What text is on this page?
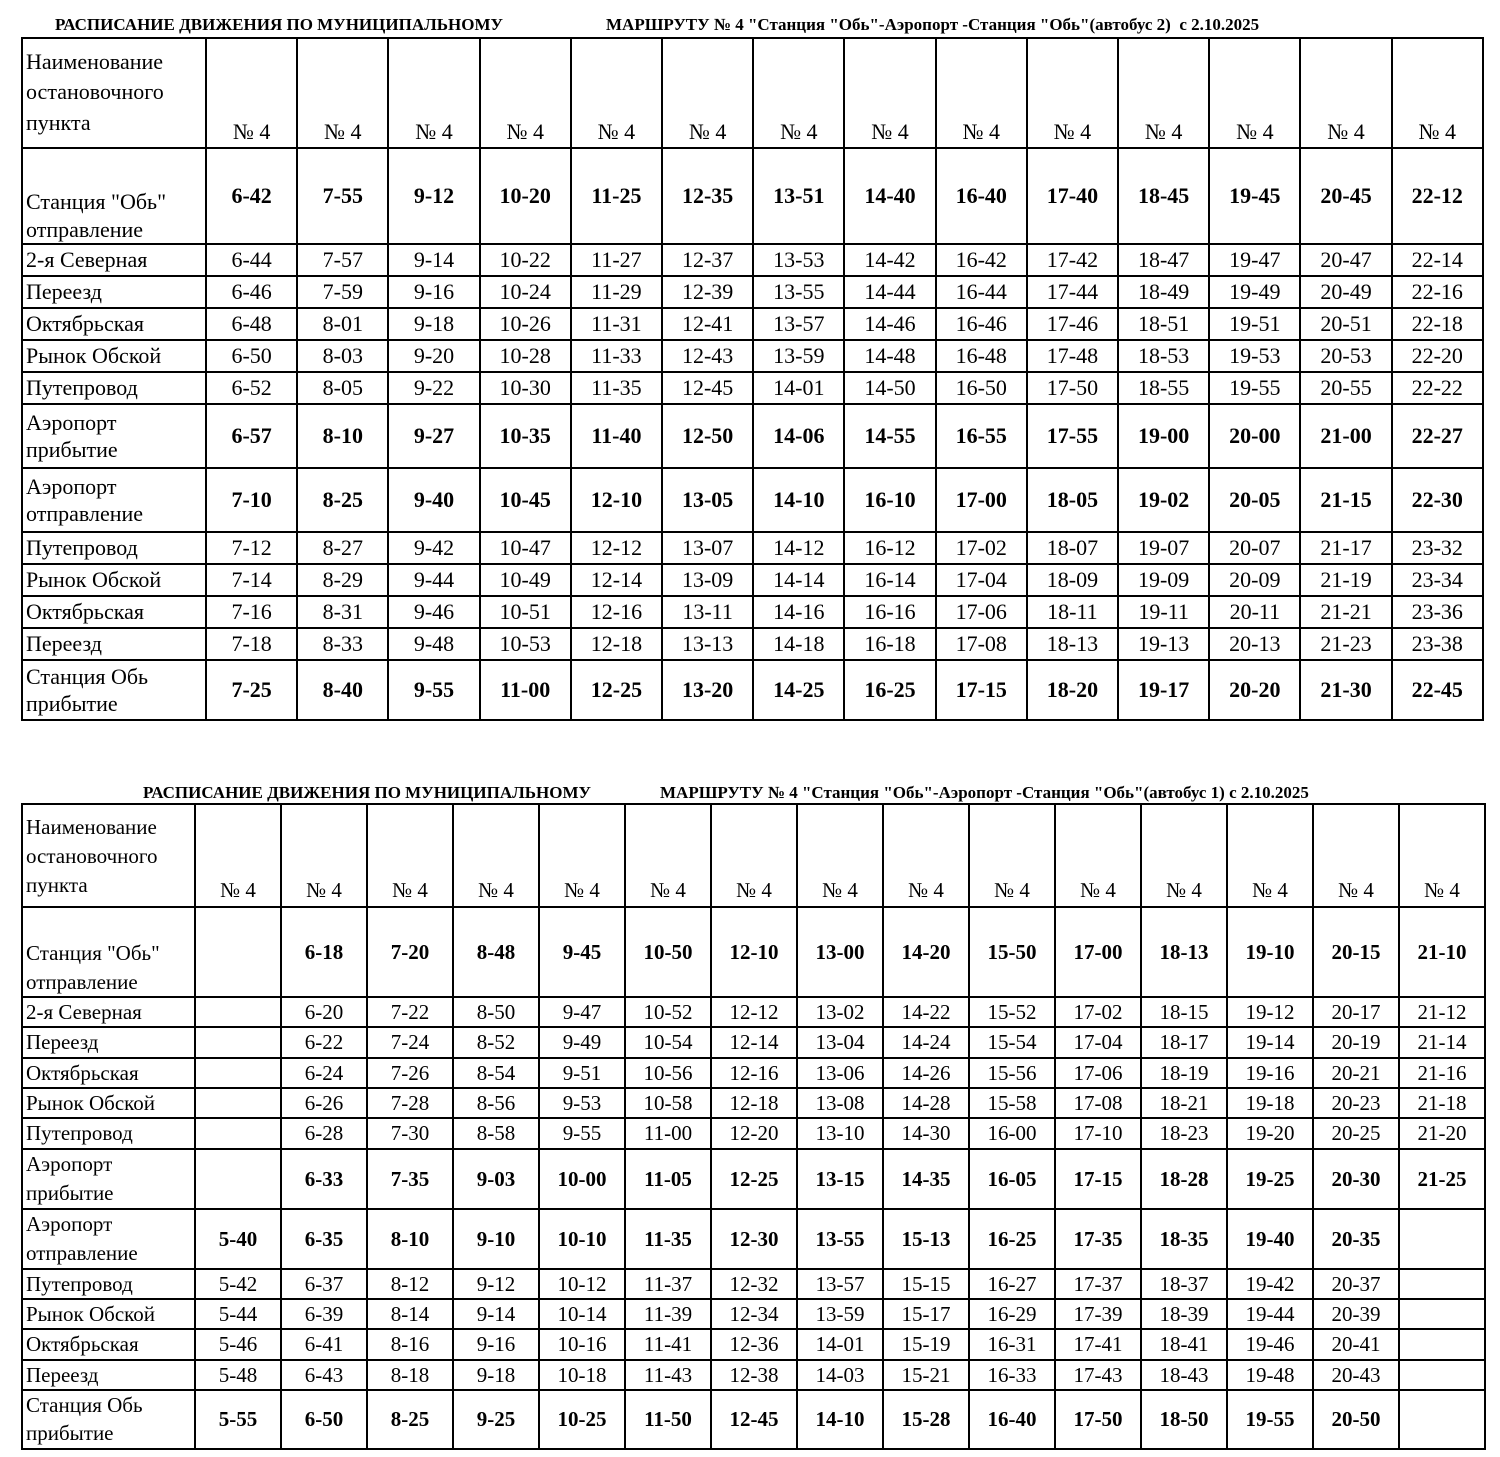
РАСПИСАНИЕ ДВИЖЕНИЯ ПО МУНИЦИПАЛЬНОМУ	МАРШРУТУ № 4 "Станция "Обь"-Аэропорт -Станция "Обь"(автобус 2)  с 2.10.2025
Наименование остановочного пункта	№ 4	№ 4	№ 4	№ 4	№ 4	№ 4	№ 4	№ 4	№ 4	№ 4	№ 4	№ 4	№ 4	№ 4
Станция "Обь" отправление	6-42	7-55	9-12	10-20	11-25	12-35	13-51	14-40	16-40	17-40	18-45	19-45	20-45	22-12
2-я Северная	6-44	7-57	9-14	10-22	11-27	12-37	13-53	14-42	16-42	17-42	18-47	19-47	20-47	22-14
Переезд	6-46	7-59	9-16	10-24	11-29	12-39	13-55	14-44	16-44	17-44	18-49	19-49	20-49	22-16
Октябрьская	6-48	8-01	9-18	10-26	11-31	12-41	13-57	14-46	16-46	17-46	18-51	19-51	20-51	22-18
Рынок Обской	6-50	8-03	9-20	10-28	11-33	12-43	13-59	14-48	16-48	17-48	18-53	19-53	20-53	22-20
Путепровод	6-52	8-05	9-22	10-30	11-35	12-45	14-01	14-50	16-50	17-50	18-55	19-55	20-55	22-22
Аэропорт прибытие	6-57	8-10	9-27	10-35	11-40	12-50	14-06	14-55	16-55	17-55	19-00	20-00	21-00	22-27
Аэропорт отправление	7-10	8-25	9-40	10-45	12-10	13-05	14-10	16-10	17-00	18-05	19-02	20-05	21-15	22-30
Путепровод	7-12	8-27	9-42	10-47	12-12	13-07	14-12	16-12	17-02	18-07	19-07	20-07	21-17	23-32
Рынок Обской	7-14	8-29	9-44	10-49	12-14	13-09	14-14	16-14	17-04	18-09	19-09	20-09	21-19	23-34
Октябрьская	7-16	8-31	9-46	10-51	12-16	13-11	14-16	16-16	17-06	18-11	19-11	20-11	21-21	23-36
Переезд	7-18	8-33	9-48	10-53	12-18	13-13	14-18	16-18	17-08	18-13	19-13	20-13	21-23	23-38
Станция Обь прибытие	7-25	8-40	9-55	11-00	12-25	13-20	14-25	16-25	17-15	18-20	19-17	20-20	21-30	22-45
РАСПИСАНИЕ ДВИЖЕНИЯ ПО МУНИЦИПАЛЬНОМУ	МАРШРУТУ № 4 "Станция "Обь"-Аэропорт -Станция "Обь"(автобус 1) с 2.10.2025
Наименование остановочного пункта	№ 4	№ 4	№ 4	№ 4	№ 4	№ 4	№ 4	№ 4	№ 4	№ 4	№ 4	№ 4	№ 4	№ 4	№ 4
Станция "Обь" отправление		6-18	7-20	8-48	9-45	10-50	12-10	13-00	14-20	15-50	17-00	18-13	19-10	20-15	21-10
2-я Северная		6-20	7-22	8-50	9-47	10-52	12-12	13-02	14-22	15-52	17-02	18-15	19-12	20-17	21-12
Переезд		6-22	7-24	8-52	9-49	10-54	12-14	13-04	14-24	15-54	17-04	18-17	19-14	20-19	21-14
Октябрьская		6-24	7-26	8-54	9-51	10-56	12-16	13-06	14-26	15-56	17-06	18-19	19-16	20-21	21-16
Рынок Обской		6-26	7-28	8-56	9-53	10-58	12-18	13-08	14-28	15-58	17-08	18-21	19-18	20-23	21-18
Путепровод		6-28	7-30	8-58	9-55	11-00	12-20	13-10	14-30	16-00	17-10	18-23	19-20	20-25	21-20
Аэропорт прибытие		6-33	7-35	9-03	10-00	11-05	12-25	13-15	14-35	16-05	17-15	18-28	19-25	20-30	21-25
Аэропорт отправление	5-40	6-35	8-10	9-10	10-10	11-35	12-30	13-55	15-13	16-25	17-35	18-35	19-40	20-35	
Путепровод	5-42	6-37	8-12	9-12	10-12	11-37	12-32	13-57	15-15	16-27	17-37	18-37	19-42	20-37	
Рынок Обской	5-44	6-39	8-14	9-14	10-14	11-39	12-34	13-59	15-17	16-29	17-39	18-39	19-44	20-39	
Октябрьская	5-46	6-41	8-16	9-16	10-16	11-41	12-36	14-01	15-19	16-31	17-41	18-41	19-46	20-41	
Переезд	5-48	6-43	8-18	9-18	10-18	11-43	12-38	14-03	15-21	16-33	17-43	18-43	19-48	20-43	
Станция Обь прибытие	5-55	6-50	8-25	9-25	10-25	11-50	12-45	14-10	15-28	16-40	17-50	18-50	19-55	20-50	
